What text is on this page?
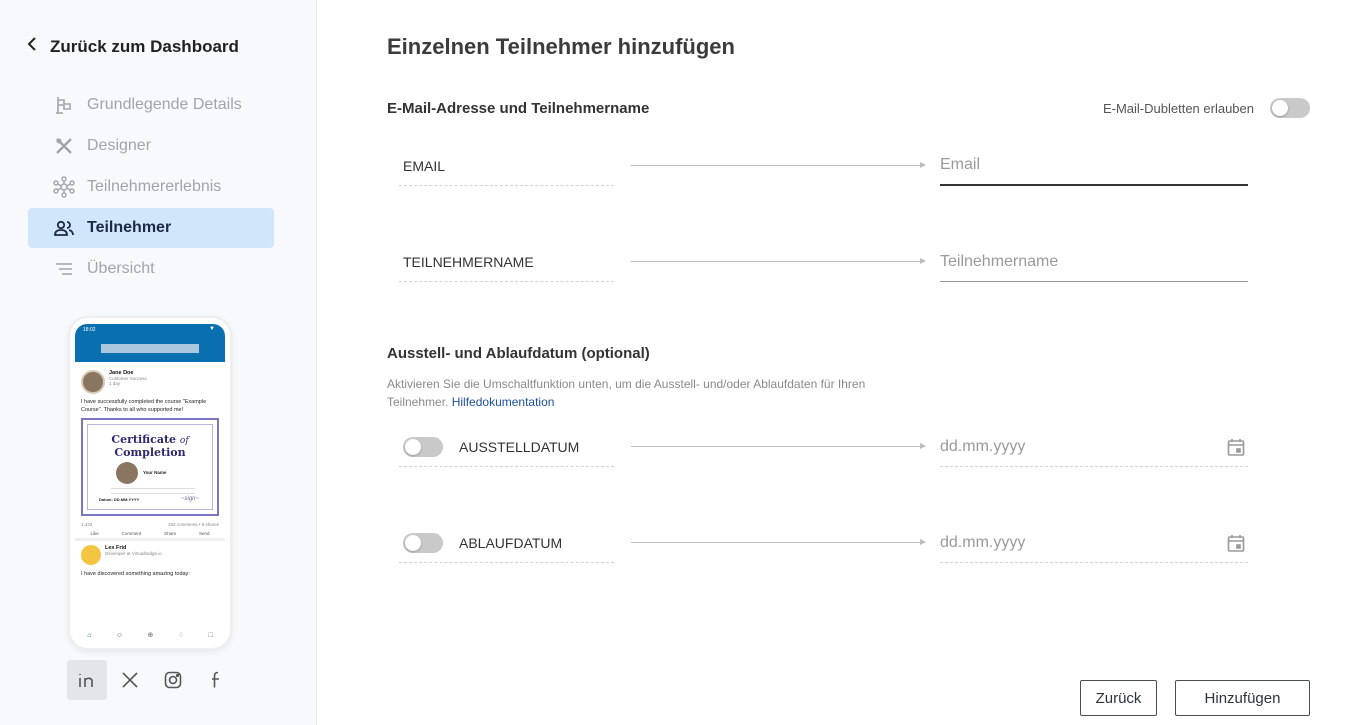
Zurück zum Dashboard
Grundlegende Details
Designer
Teilnehmererlebnis
Teilnehmer
Übersicht
18:02	▼
Jane Doe
Customer Success
1 day
I have successfully completed the course "Example Course". Thanks to all who supported me!
Certificate of
Completion
Your Name
Datum: DD.MM.YYYY	~sign~
1,433	202 comments • 6 shares
Like	Comment	Share	Send
Lex Frid
Developer at Virtualbadge.io
I have discovered something amazing today:
⌂	☺	⊕	♢	□
Einzelnen Teilnehmer hinzufügen
E-Mail-Adresse und Teilnehmername	E-Mail-Dubletten erlauben
EMAIL
Email
TEILNEHMERNAME
Teilnehmername
Ausstell- und Ablaufdatum (optional)
Aktivieren Sie die Umschaltfunktion unten, um die Ausstell- und/oder Ablaufdaten für Ihren Teilnehmer. Hilfedokumentation
AUSSTELLDATUM
dd.mm.yyyy
ABLAUFDATUM
dd.mm.yyyy
Zurück	Hinzufügen
